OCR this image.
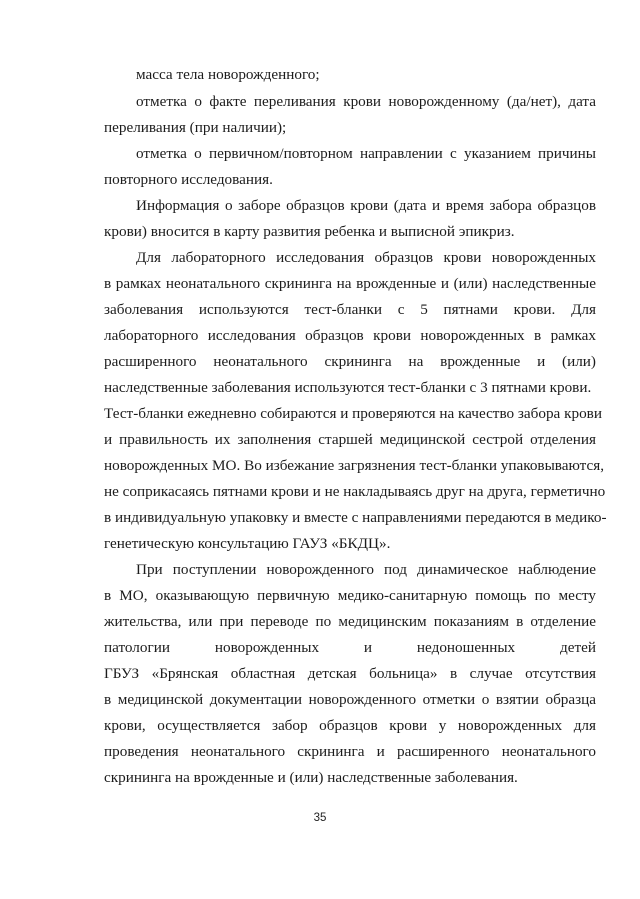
масса тела новорожденного;
отметка о факте переливания крови новорожденному (да/нет), дата
переливания (при наличии);
отметка о первичном/повторном направлении с указанием причины
повторного исследования.
Информация о заборе образцов крови (дата и время забора образцов
крови) вносится в карту развития ребенка и выписной эпикриз.
Для лабораторного исследования образцов крови новорожденных
в рамках неонатального скрининга на врожденные и (или) наследственные
заболевания используются тест-бланки с 5 пятнами крови. Для
лабораторного исследования образцов крови новорожденных в рамках
расширенного неонатального скрининга на врожденные и (или)
наследственные заболевания используются тест-бланки с 3 пятнами крови.
Тест-бланки ежедневно собираются и проверяются на качество забора крови
и правильность их заполнения старшей медицинской сестрой отделения
новорожденных МО. Во избежание загрязнения тест-бланки упаковываются,
не соприкасаясь пятнами крови и не накладываясь друг на друга, герметично
в индивидуальную упаковку и вместе с направлениями передаются в медико-
генетическую консультацию ГАУЗ «БКДЦ».
При поступлении новорожденного под динамическое наблюдение
в МО, оказывающую первичную медико-санитарную помощь по месту
жительства, или при переводе по медицинским показаниям в отделение
патологии новорожденных и недоношенных детей
ГБУЗ «Брянская областная детская больница» в случае отсутствия
в медицинской документации новорожденного отметки о взятии образца
крови, осуществляется забор образцов крови у новорожденных для
проведения неонатального скрининга и расширенного неонатального
скрининга на врожденные и (или) наследственные заболевания.
35
